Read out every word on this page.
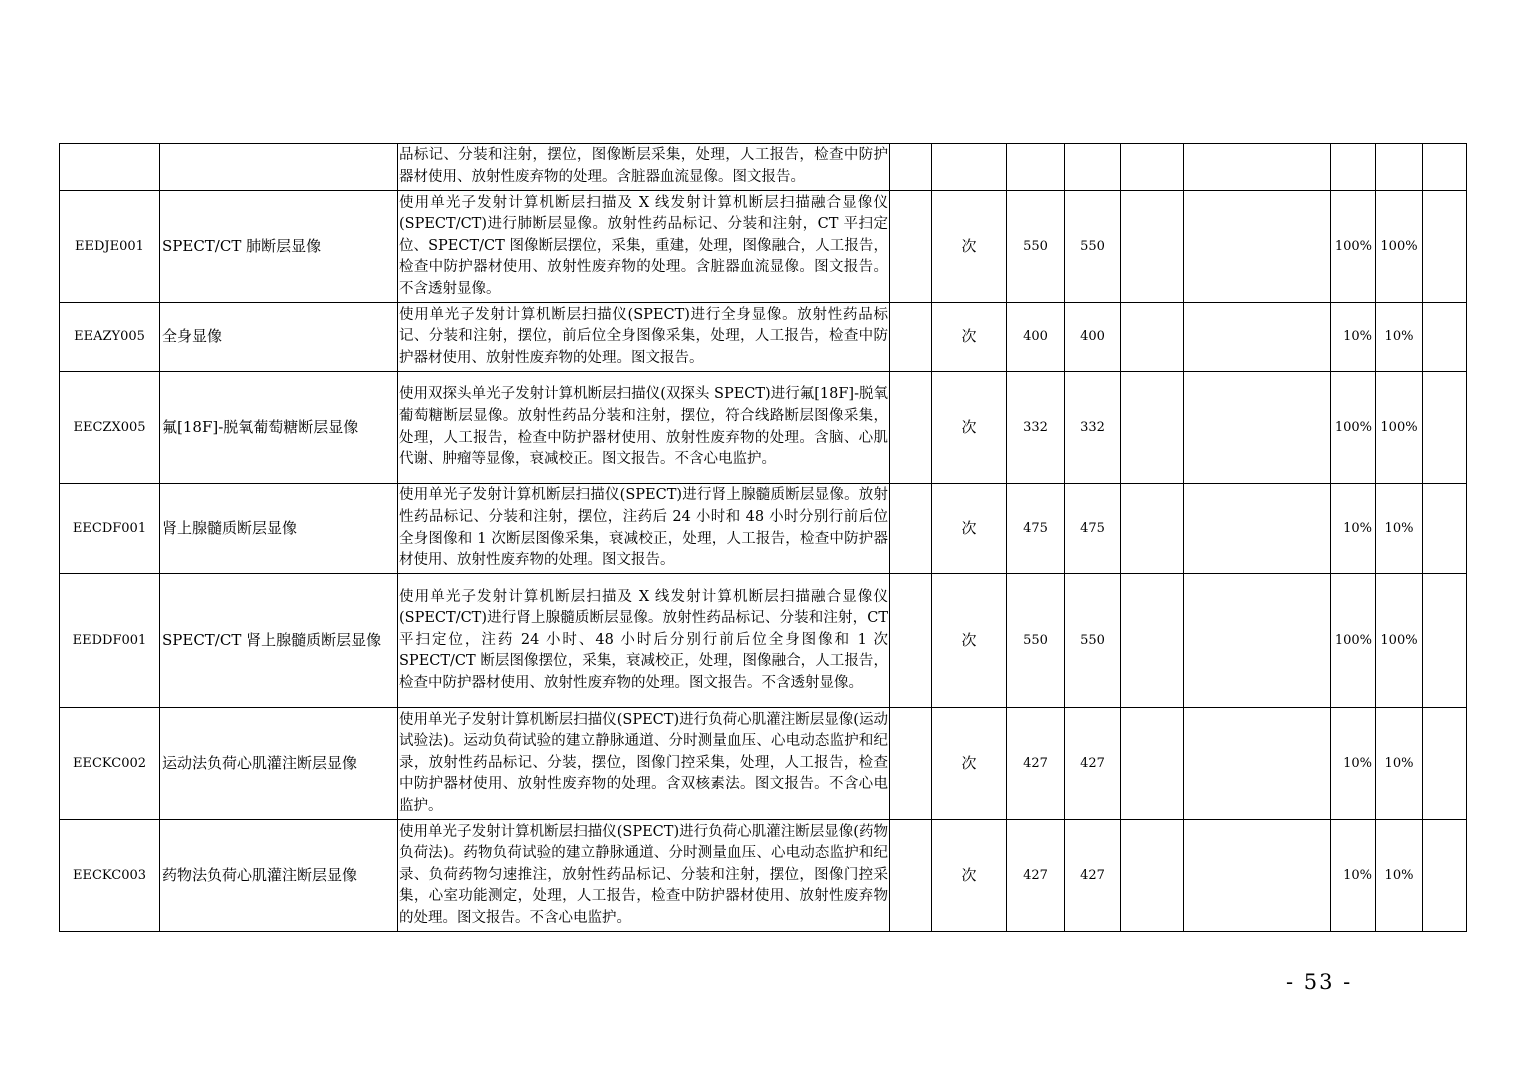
		品标记、分装和注射，摆位，图像断层采集，处理，人工报告，检查中防护器材使用、放射性废弃物的处理。含脏器血流显像。图文报告。									
EEDJE001	SPECT/CT 肺断层显像	使用单光子发射计算机断层扫描及 X 线发射计算机断层扫描融合显像仪(SPECT/CT)进行肺断层显像。放射性药品标记、分装和注射，CT 平扫定位、SPECT/CT 图像断层摆位，采集，重建，处理，图像融合，人工报告，检查中防护器材使用、放射性废弃物的处理。含脏器血流显像。图文报告。不含透射显像。		次	550	550			100%	100%	
EEAZY005	全身显像	使用单光子发射计算机断层扫描仪(SPECT)进行全身显像。放射性药品标记、分装和注射，摆位，前后位全身图像采集，处理，人工报告，检查中防护器材使用、放射性废弃物的处理。图文报告。		次	400	400			10%	10%	
EECZX005	氟[18F]-脱氧葡萄糖断层显像	使用双探头单光子发射计算机断层扫描仪(双探头 SPECT)进行氟[18F]-脱氧葡萄糖断层显像。放射性药品分装和注射，摆位，符合线路断层图像采集，处理，人工报告，检查中防护器材使用、放射性废弃物的处理。含脑、心肌代谢、肿瘤等显像，衰减校正。图文报告。不含心电监护。		次	332	332			100%	100%	
EECDF001	肾上腺髓质断层显像	使用单光子发射计算机断层扫描仪(SPECT)进行肾上腺髓质断层显像。放射性药品标记、分装和注射，摆位，注药后 24 小时和 48 小时分别行前后位全身图像和 1 次断层图像采集，衰减校正，处理，人工报告，检查中防护器材使用、放射性废弃物的处理。图文报告。		次	475	475			10%	10%	
EEDDF001	SPECT/CT 肾上腺髓质断层显像	使用单光子发射计算机断层扫描及 X 线发射计算机断层扫描融合显像仪(SPECT/CT)进行肾上腺髓质断层显像。放射性药品标记、分装和注射，CT 平扫定位，注药 24 小时、48 小时后分别行前后位全身图像和 1 次 SPECT/CT 断层图像摆位，采集，衰减校正，处理，图像融合，人工报告，检查中防护器材使用、放射性废弃物的处理。图文报告。不含透射显像。		次	550	550			100%	100%	
EECKC002	运动法负荷心肌灌注断层显像	使用单光子发射计算机断层扫描仪(SPECT)进行负荷心肌灌注断层显像(运动试验法)。运动负荷试验的建立静脉通道、分时测量血压、心电动态监护和纪录，放射性药品标记、分装，摆位，图像门控采集，处理，人工报告，检查中防护器材使用、放射性废弃物的处理。含双核素法。图文报告。不含心电监护。		次	427	427			10%	10%	
EECKC003	药物法负荷心肌灌注断层显像	使用单光子发射计算机断层扫描仪(SPECT)进行负荷心肌灌注断层显像(药物负荷法)。药物负荷试验的建立静脉通道、分时测量血压、心电动态监护和纪录、负荷药物匀速推注，放射性药品标记、分装和注射，摆位，图像门控采集，心室功能测定，处理，人工报告，检查中防护器材使用、放射性废弃物的处理。图文报告。不含心电监护。		次	427	427			10%	10%	
- 53 -
